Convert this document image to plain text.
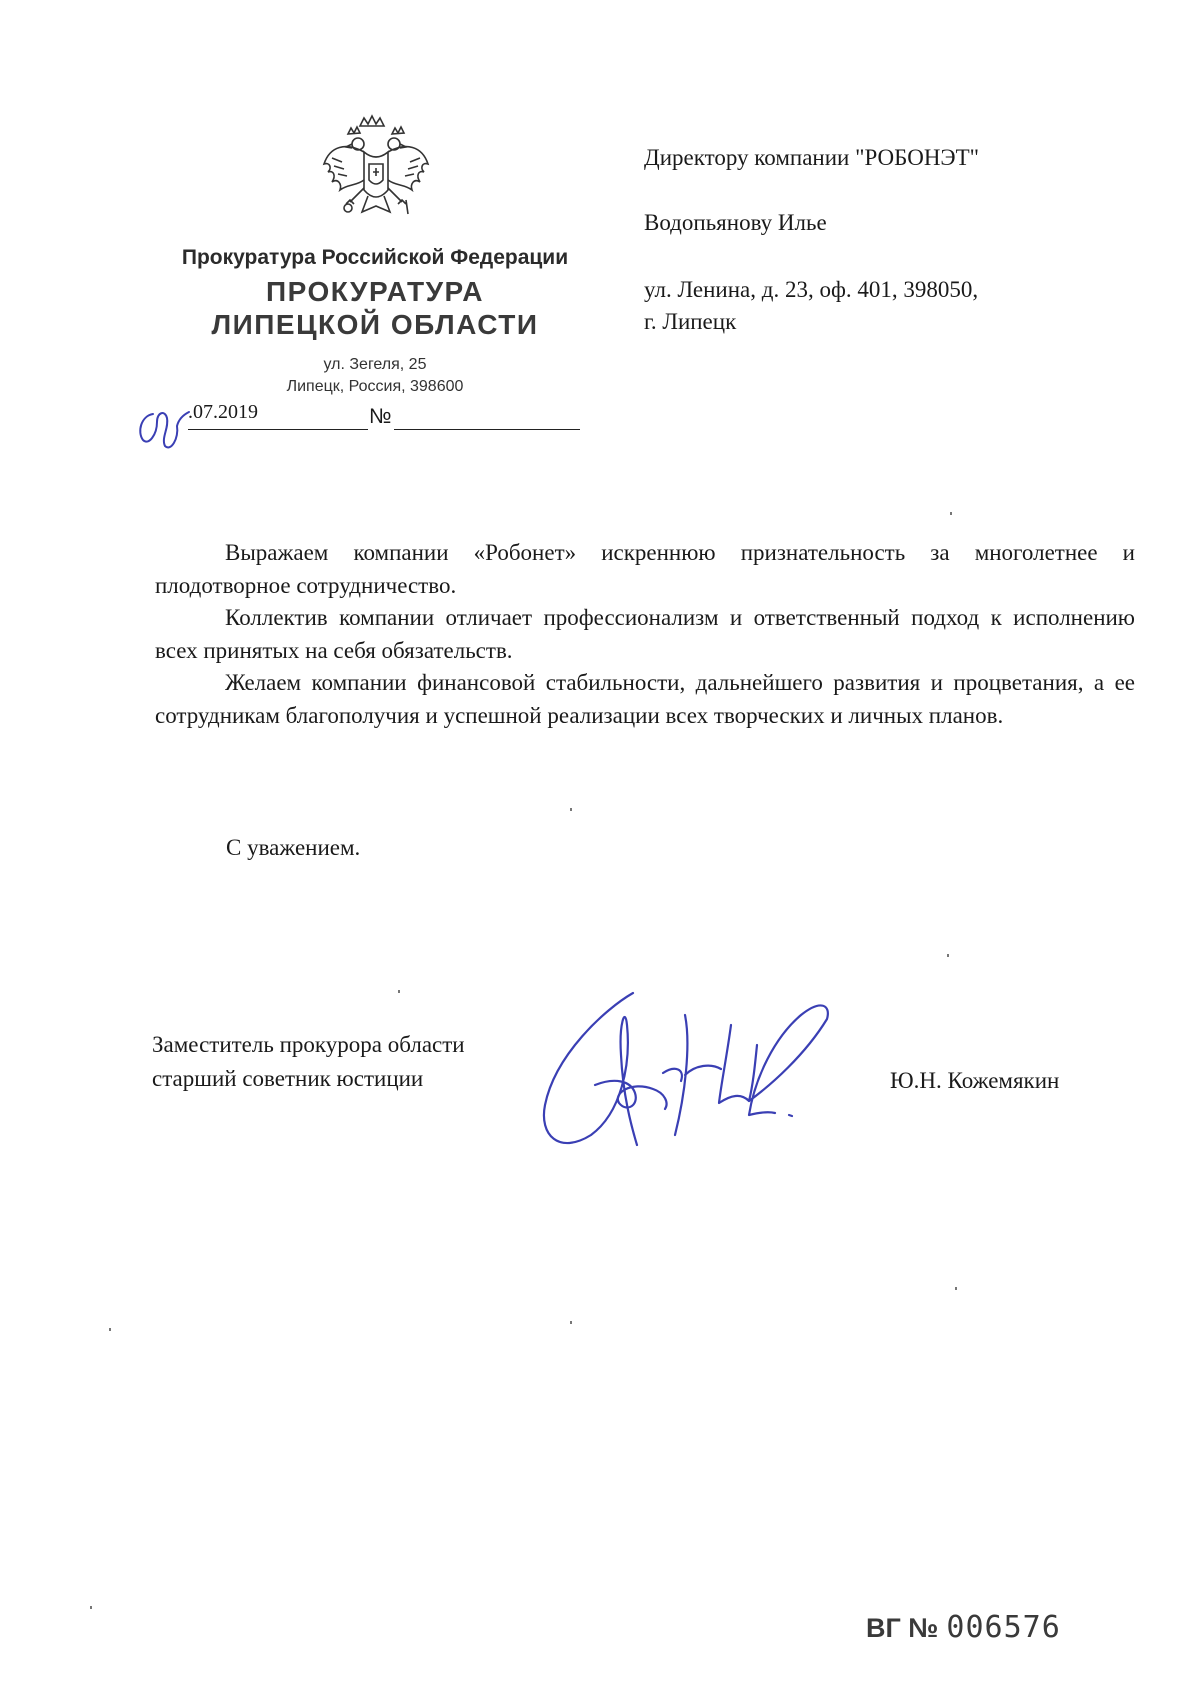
Прокуратура Российской Федерации
ПРОКУРАТУРА
ЛИПЕЦКОЙ ОБЛАСТИ
ул. Зегеля, 25
Липецк, Россия, 398600
.07.2019	№
Директору компании "РОБОНЭТ"
Водопьянову Илье
ул. Ленина, д. 23, оф. 401, 398050,
г. Липецк

Выражаем компании «Робонет» искреннюю признательность за многолетнее и плодотворное сотрудничество.

Коллектив компании отличает профессионализм и ответственный подход к исполнению всех принятых на себя обязательств.

Желаем компании финансовой стабильности, дальнейшего развития и процветания, а ее сотрудникам благополучия и успешной реализации всех творческих и личных планов.

С уважением.
Заместитель прокурора области
старший советник юстиции	Ю.Н. Кожемякин
ВГ № 006576
